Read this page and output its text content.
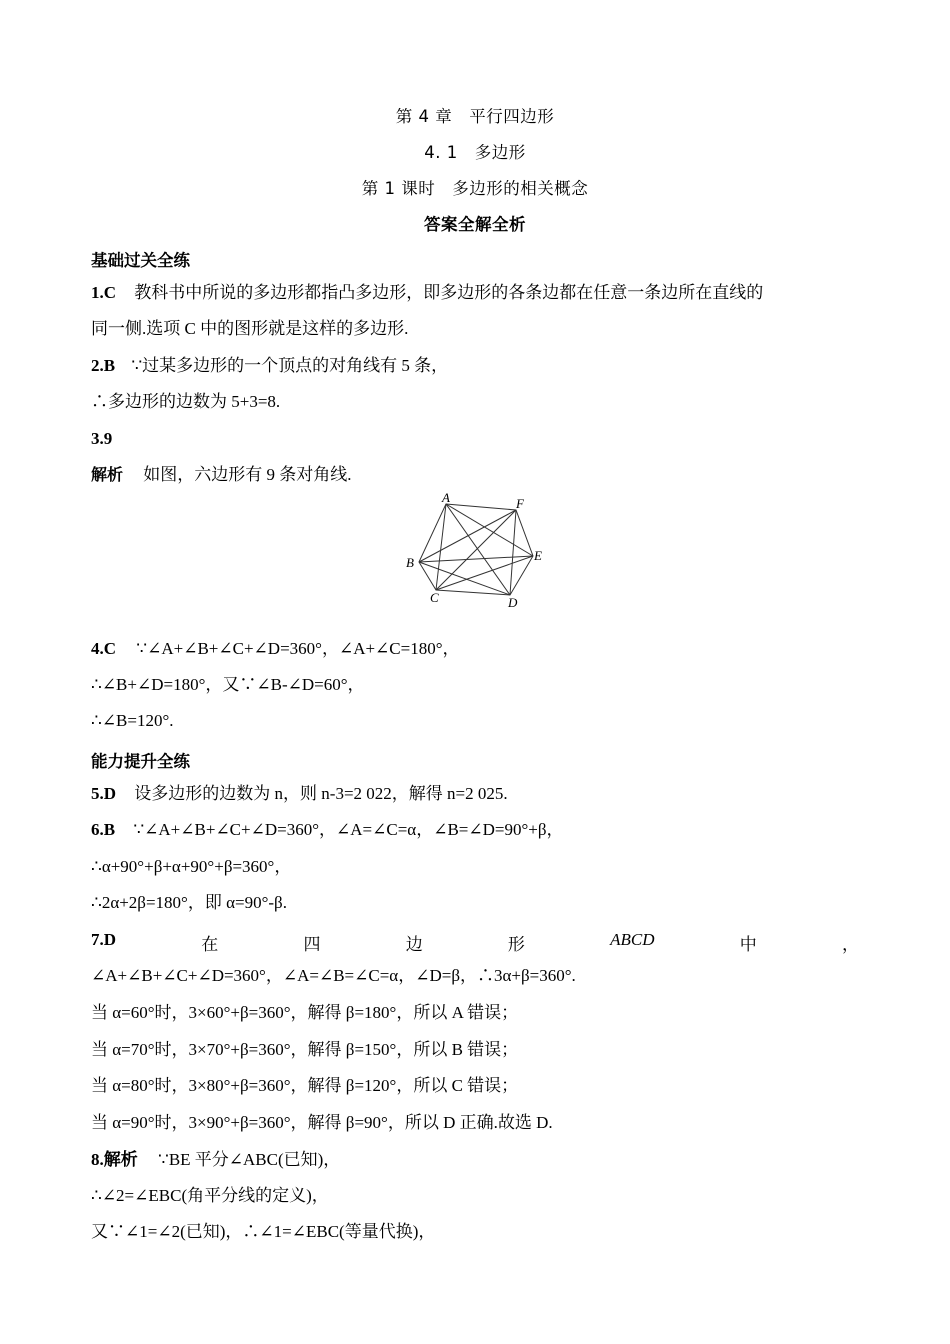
第 4 章　平行四边形
4. 1　多边形
第 1 课时　多边形的相关概念
答案全解全析
基础过关全练
1.C 教科书中所说的多边形都指凸多边形，即多边形的各条边都在任意一条边所在直线的
同一侧.选项 C 中的图形就是这样的多边形.
2.B ∵过某多边形的一个顶点的对角线有 5 条，
∴多边形的边数为 5+3=8.
3.9
解析 如图，六边形有 9 条对角线.
A	F
E
D
C
B
4.C ∵∠A+∠B+∠C+∠D=360°，∠A+∠C=180°，
∴∠B+∠D=180°，又∵∠B-∠D=60°，
∴∠B=120°.
能力提升全练
5.D 设多边形的边数为 n，则 n-3=2 022，解得 n=2 025.
6.B ∵∠A+∠B+∠C+∠D=360°，∠A=∠C=α，∠B=∠D=90°+β，
∴α+90°+β+α+90°+β=360°，
∴2α+2β=180°，即 α=90°-β.
7.D	在	四	边	形	ABCD	中	，
∠A+∠B+∠C+∠D=360°，∠A=∠B=∠C=α，∠D=β，∴3α+β=360°.
当 α=60°时，3×60°+β=360°，解得 β=180°，所以 A 错误；
当 α=70°时，3×70°+β=360°，解得 β=150°，所以 B 错误；
当 α=80°时，3×80°+β=360°，解得 β=120°，所以 C 错误；
当 α=90°时，3×90°+β=360°，解得 β=90°，所以 D 正确.故选 D.
8.解析 ∵BE 平分∠ABC(已知)，
∴∠2=∠EBC(角平分线的定义)，
又∵∠1=∠2(已知)，∴∠1=∠EBC(等量代换)，
